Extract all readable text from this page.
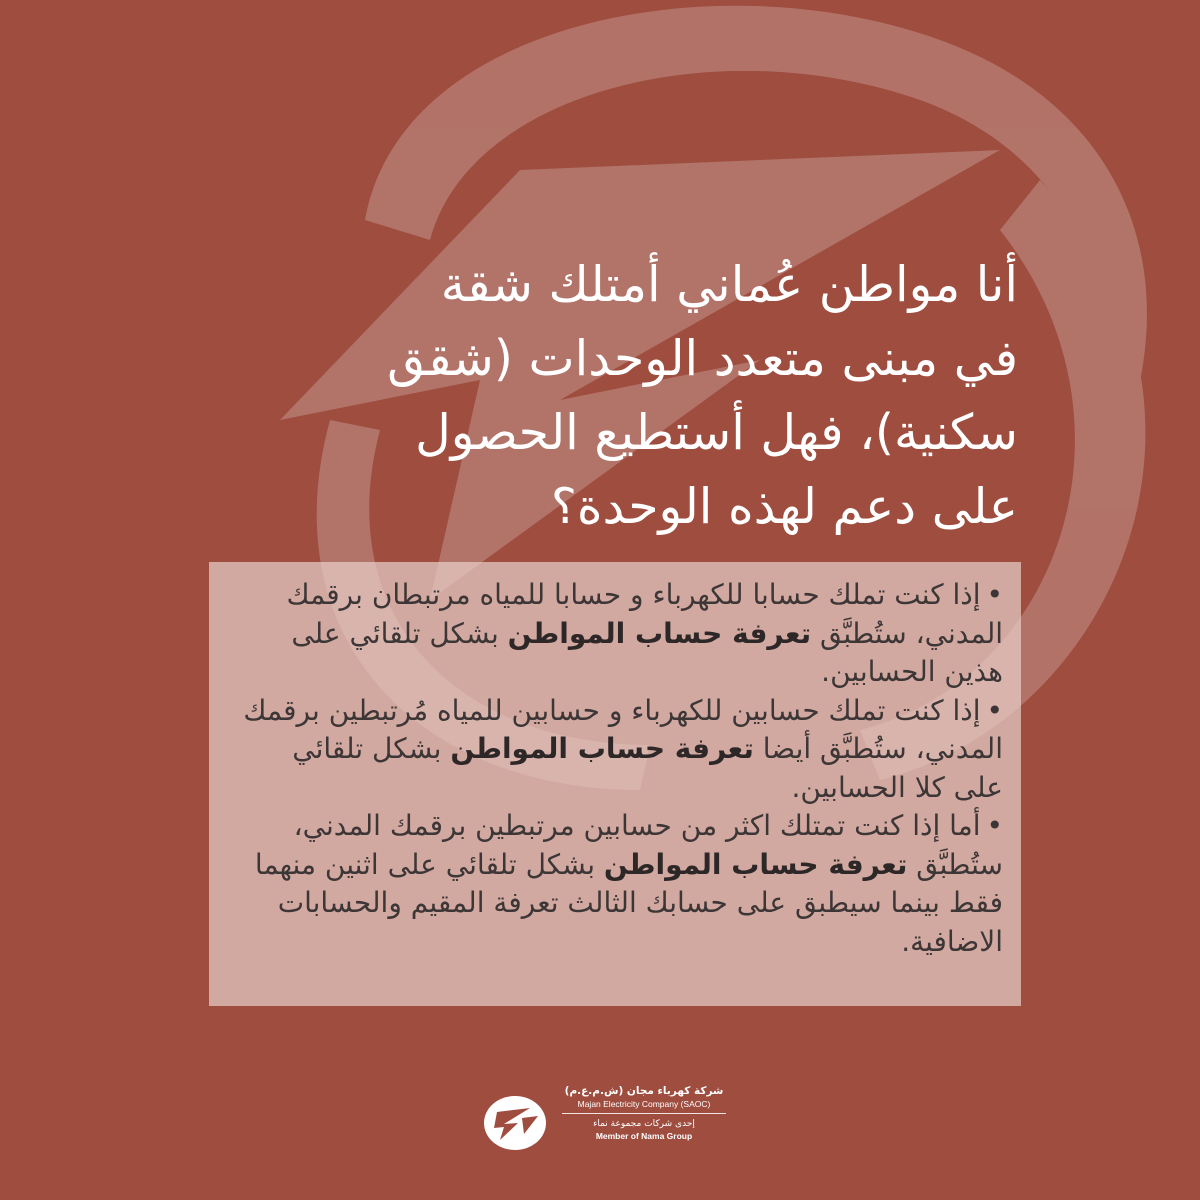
أنا مواطن عُماني أمتلك شقة
في مبنى متعدد الوحدات (شقق
سكنية)، فهل أستطيع الحصول
على دعم لهذه الوحدة؟
•إذا كنت تملك حسابا للكهرباء و حسابا للمياه مرتبطان برقمك المدني، ستُطبَّق تعرفة حساب المواطن بشكل تلقائي على هذين الحسابين.
•إذا كنت تملك حسابين للكهرباء و حسابين للمياه مُرتبطين برقمك المدني، ستُطبَّق أيضا تعرفة حساب المواطن بشكل تلقائي على كلا الحسابين.
•أما إذا كنت تمتلك اكثر من حسابين مرتبطين برقمك المدني، ستُطبَّق تعرفة حساب المواطن بشكل تلقائي على اثنين منهما فقط بينما سيطبق على حسابك الثالث تعرفة المقيم والحسابات الاضافية.
شركة كهرباء مجان (ش.م.ع.م)
Majan Electricity Company (SAOC)
إحدى شركات مجموعة نماء
Member of Nama Group
